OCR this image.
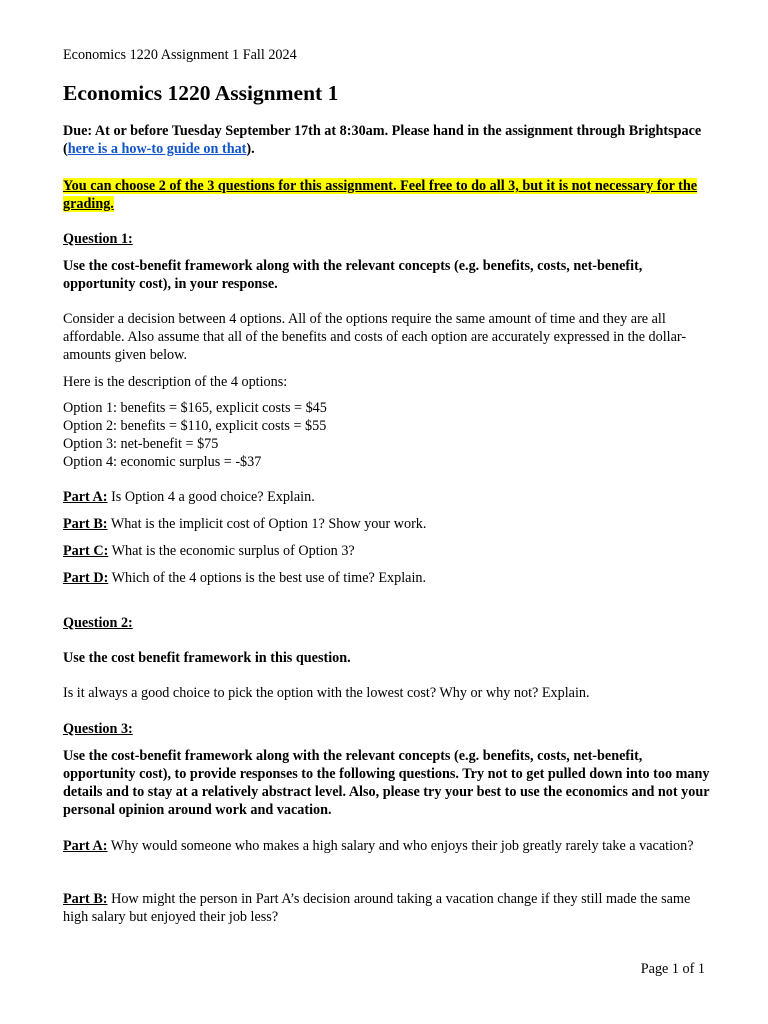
Economics 1220 Assignment 1 Fall 2024
Economics 1220 Assignment 1

Due: At or before Tuesday September 17th at 8:30am. Please hand in the assignment through Brightspace (here is a how-to guide on that).

You can choose 2 of the 3 questions for this assignment. Feel free to do all 3, but it is not necessary for the grading.

Question 1:

Use the cost-benefit framework along with the relevant concepts (e.g. benefits, costs, net-benefit, opportunity cost), in your response.

Consider a decision between 4 options. All of the options require the same amount of time and they are all affordable. Also assume that all of the benefits and costs of each option are accurately expressed in the dollar-amounts given below.

Here is the description of the 4 options:

Option 1: benefits = $165, explicit costs = $45
Option 2: benefits = $110, explicit costs = $55
Option 3: net-benefit = $75
Option 4: economic surplus = -$37

Part A: Is Option 4 a good choice? Explain.

Part B: What is the implicit cost of Option 1? Show your work.

Part C: What is the economic surplus of Option 3?

Part D: Which of the 4 options is the best use of time? Explain.

Question 2:

Use the cost benefit framework in this question.

Is it always a good choice to pick the option with the lowest cost? Why or why not? Explain.

Question 3:

Use the cost-benefit framework along with the relevant concepts (e.g. benefits, costs, net-benefit, opportunity cost), to provide responses to the following questions. Try not to get pulled down into too many details and to stay at a relatively abstract level. Also, please try your best to use the economics and not your personal opinion around work and vacation.

Part A: Why would someone who makes a high salary and who enjoys their job greatly rarely take a vacation?

Part B: How might the person in Part A’s decision around taking a vacation change if they still made the same high salary but enjoyed their job less?

Page 1 of 1
